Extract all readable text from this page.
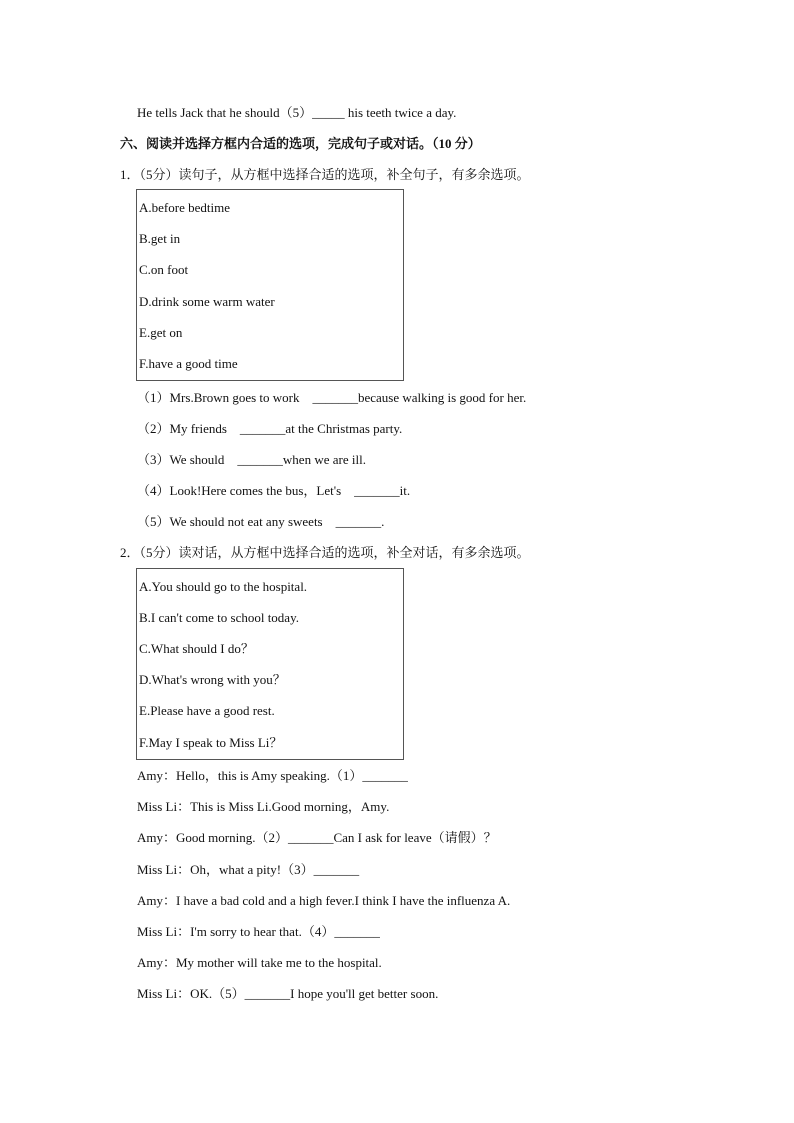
He tells Jack that he should（5）_____ his teeth twice a day.
六、阅读并选择方框内合适的选项，完成句子或对话。（10 分）
1．（5分）读句子，从方框中选择合适的选项，补全句子，有多余选项。
A.before bedtime
B.get in
C.on foot
D.drink some warm water
E.get on
F.have a good time
（1）Mrs.Brown goes to work　_______because walking is good for her.
（2）My friends　_______at the Christmas party.
（3）We should　_______when we are ill.
（4）Look!Here comes the bus，Let's　_______it.
（5）We should not eat any sweets　_______.
2．（5分）读对话，从方框中选择合适的选项，补全对话，有多余选项。
A.You should go to the hospital.
B.I can't come to school today.
C.What should I do？
D.What's wrong with you？
E.Please have a good rest.
F.May I speak to Miss Li？
Amy：Hello，this is Amy speaking.（1）_______
Miss Li：This is Miss Li.Good morning，Amy.
Amy：Good morning.（2）_______Can I ask for leave（请假）？
Miss Li：Oh，what a pity!（3）_______
Amy：I have a bad cold and a high fever.I think I have the influenza A.
Miss Li：I'm sorry to hear that.（4）_______
Amy：My mother will take me to the hospital.
Miss Li：OK.（5）_______I hope you'll get better soon.
